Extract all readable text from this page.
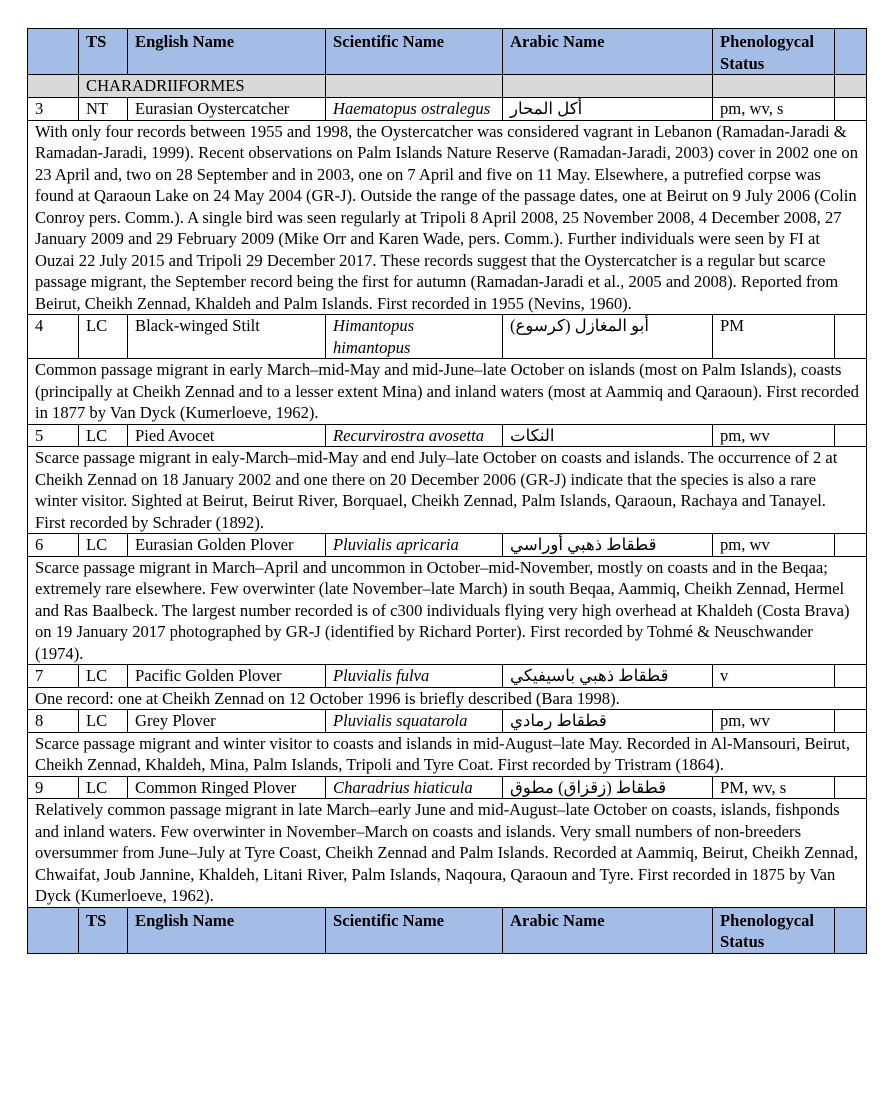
	TS	English Name	Scientific Name	Arabic Name	Phenologycal Status	
	CHARADRIIFORMES					
3	NT	Eurasian Oystercatcher	Haematopus ostralegus	أكل المحار	pm, wv, s	
With only four records between 1955 and 1998, the Oystercatcher was considered vagrant in Lebanon (Ramadan-Jaradi & Ramadan-Jaradi, 1999). Recent observations on Palm Islands Nature Reserve (Ramadan-Jaradi, 2003) cover in 2002 one on 23 April and, two on 28 September and in 2003, one on 7 April and five on 11 May. Elsewhere, a putrefied corpse was found at Qaraoun Lake on 24 May 2004 (GR-J). Outside the range of the passage dates, one at Beirut on 9 July 2006 (Colin Conroy pers. Comm.). A single bird was seen regularly at Tripoli 8 April 2008, 25 November 2008, 4 December 2008, 27 January 2009 and 29 February 2009 (Mike Orr and Karen Wade, pers. Comm.). Further individuals were seen by FI at Ouzai 22 July 2015 and Tripoli 29 December 2017. These records suggest that the Oystercatcher is a regular but scarce passage migrant, the September record being the first for autumn (Ramadan-Jaradi et al., 2005 and 2008). Reported from Beirut, Cheikh Zennad, Khaldeh and Palm Islands. First recorded in 1955 (Nevins, 1960).						
4	LC	Black-winged Stilt	Himantopus himantopus	أبو المغازل (كرسوع)	PM	
Common passage migrant in early March–mid-May and mid-June–late October on islands (most on Palm Islands), coasts (principally at Cheikh Zennad and to a lesser extent Mina) and inland waters (most at Aammiq and Qaraoun). First recorded in 1877 by Van Dyck (Kumerloeve, 1962).						
5	LC	Pied Avocet	Recurvirostra avosetta	النكات	pm, wv	
Scarce passage migrant in ealy-March–mid-May and end July–late October on coasts and islands. The occurrence of 2 at Cheikh Zennad on 18 January 2002 and one there on 20 December 2006 (GR-J) indicate that the species is also a rare winter visitor. Sighted at Beirut, Beirut River, Borquael, Cheikh Zennad, Palm Islands, Qaraoun, Rachaya and Tanayel. First recorded by Schrader (1892).						
6	LC	Eurasian Golden Plover	Pluvialis apricaria	قطقاط ذهبي أوراسي	pm, wv	
Scarce passage migrant in March–April and uncommon in October–mid-November, mostly on coasts and in the Beqaa; extremely rare elsewhere. Few overwinter (late November–late March) in south Beqaa, Aammiq, Cheikh Zennad, Hermel and Ras Baalbeck. The largest number recorded is of c300 individuals flying very high overhead at Khaldeh (Costa Brava) on 19 January 2017 photographed by GR-J (identified by Richard Porter). First recorded by Tohmé & Neuschwander (1974).						
7	LC	Pacific Golden Plover	Pluvialis fulva	قطقاط ذهبي باسيفيكي	v	
One record: one at Cheikh Zennad on 12 October 1996 is briefly described (Bara 1998).						
8	LC	Grey Plover	Pluvialis squatarola	قطقاط رمادي	pm, wv	
Scarce passage migrant and winter visitor to coasts and islands in mid-August–late May. Recorded in Al-Mansouri, Beirut, Cheikh Zennad, Khaldeh, Mina, Palm Islands, Tripoli and Tyre Coat. First recorded by Tristram (1864).						
9	LC	Common Ringed Plover	Charadrius hiaticula	قطقاط (زقزاق) مطوق	PM, wv, s	
Relatively common passage migrant in late March–early June and mid-August–late October on coasts, islands, fishponds and inland waters. Few overwinter in November–March on coasts and islands. Very small numbers of non-breeders oversummer from June–July at Tyre Coast, Cheikh Zennad and Palm Islands. Recorded at Aammiq, Beirut, Cheikh Zennad, Chwaifat, Joub Jannine, Khaldeh, Litani River, Palm Islands, Naqoura, Qaraoun and Tyre. First recorded in 1875 by Van Dyck (Kumerloeve, 1962).						
	TS	English Name	Scientific Name	Arabic Name	Phenologycal Status	
